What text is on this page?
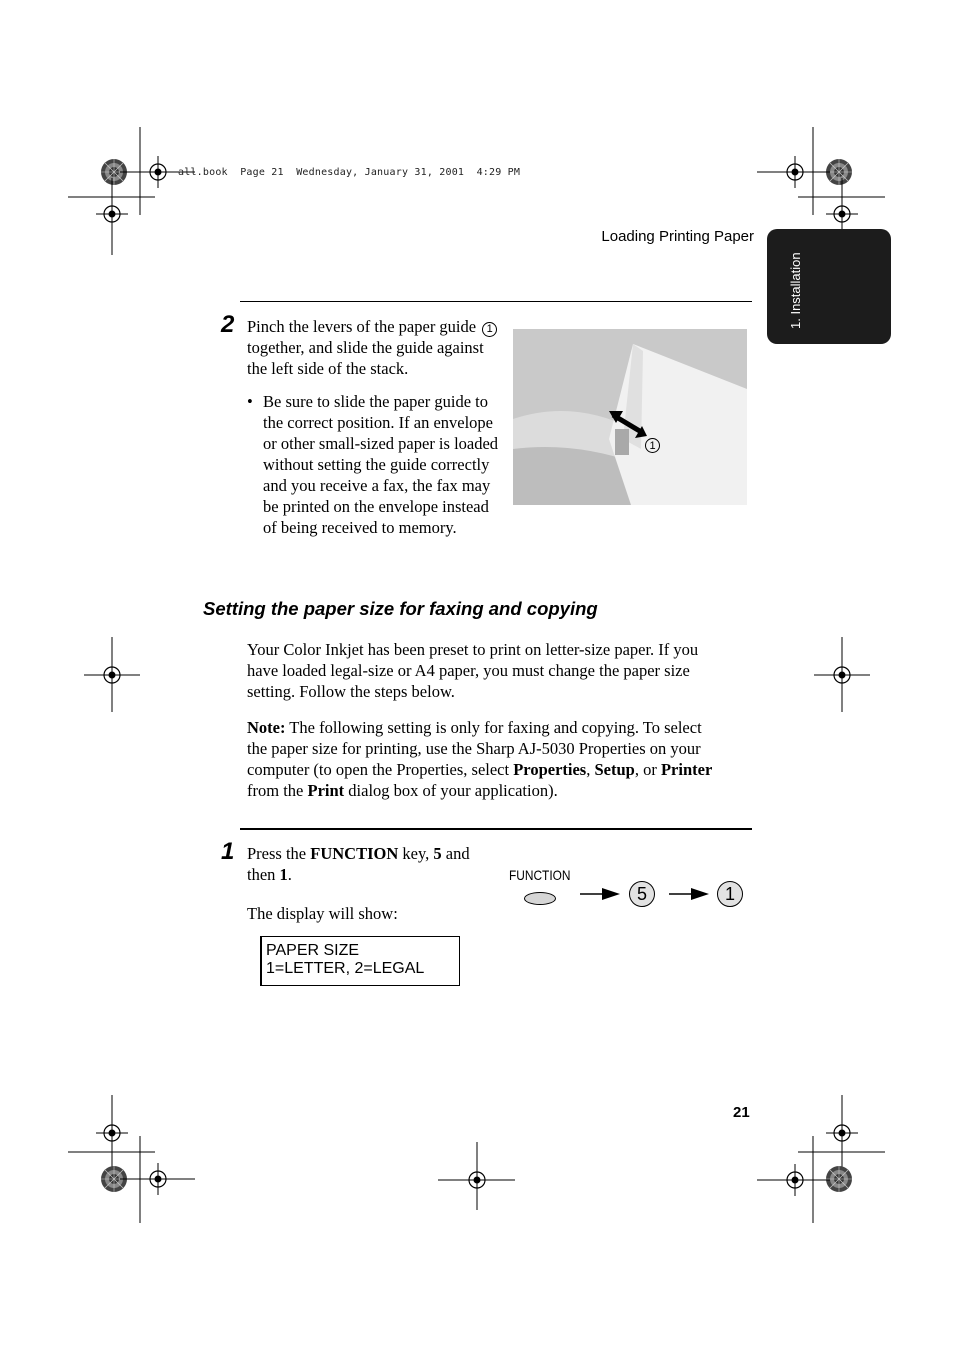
all.book  Page 21  Wednesday, January 31, 2001  4:29 PM
Loading Printing Paper
1. Installation
2 Pinch the levers of the paper guide 1
together, and slide the guide against
the left side of the stack.
• Be sure to slide the paper guide to
the correct position. If an envelope
or other small-sized paper is loaded
without setting the guide correctly
and you receive a fax, the fax may
be printed on the envelope instead
of being received to memory.
1
Setting the paper size for faxing and copying
Your Color Inkjet has been preset to print on letter-size paper. If you
have loaded legal-size or A4 paper, you must change the paper size
setting. Follow the steps below.
Note: The following setting is only for faxing and copying. To select
the paper size for printing, use the Sharp AJ-5030 Properties on your
computer (to open the Properties, select Properties, Setup, or Printer
from the Print dialog box of your application).
1 Press the FUNCTION key, 5 and
then 1.
The display will show:
PAPER SIZE
1=LETTER, 2=LEGAL
FUNCTION
5	1
21
